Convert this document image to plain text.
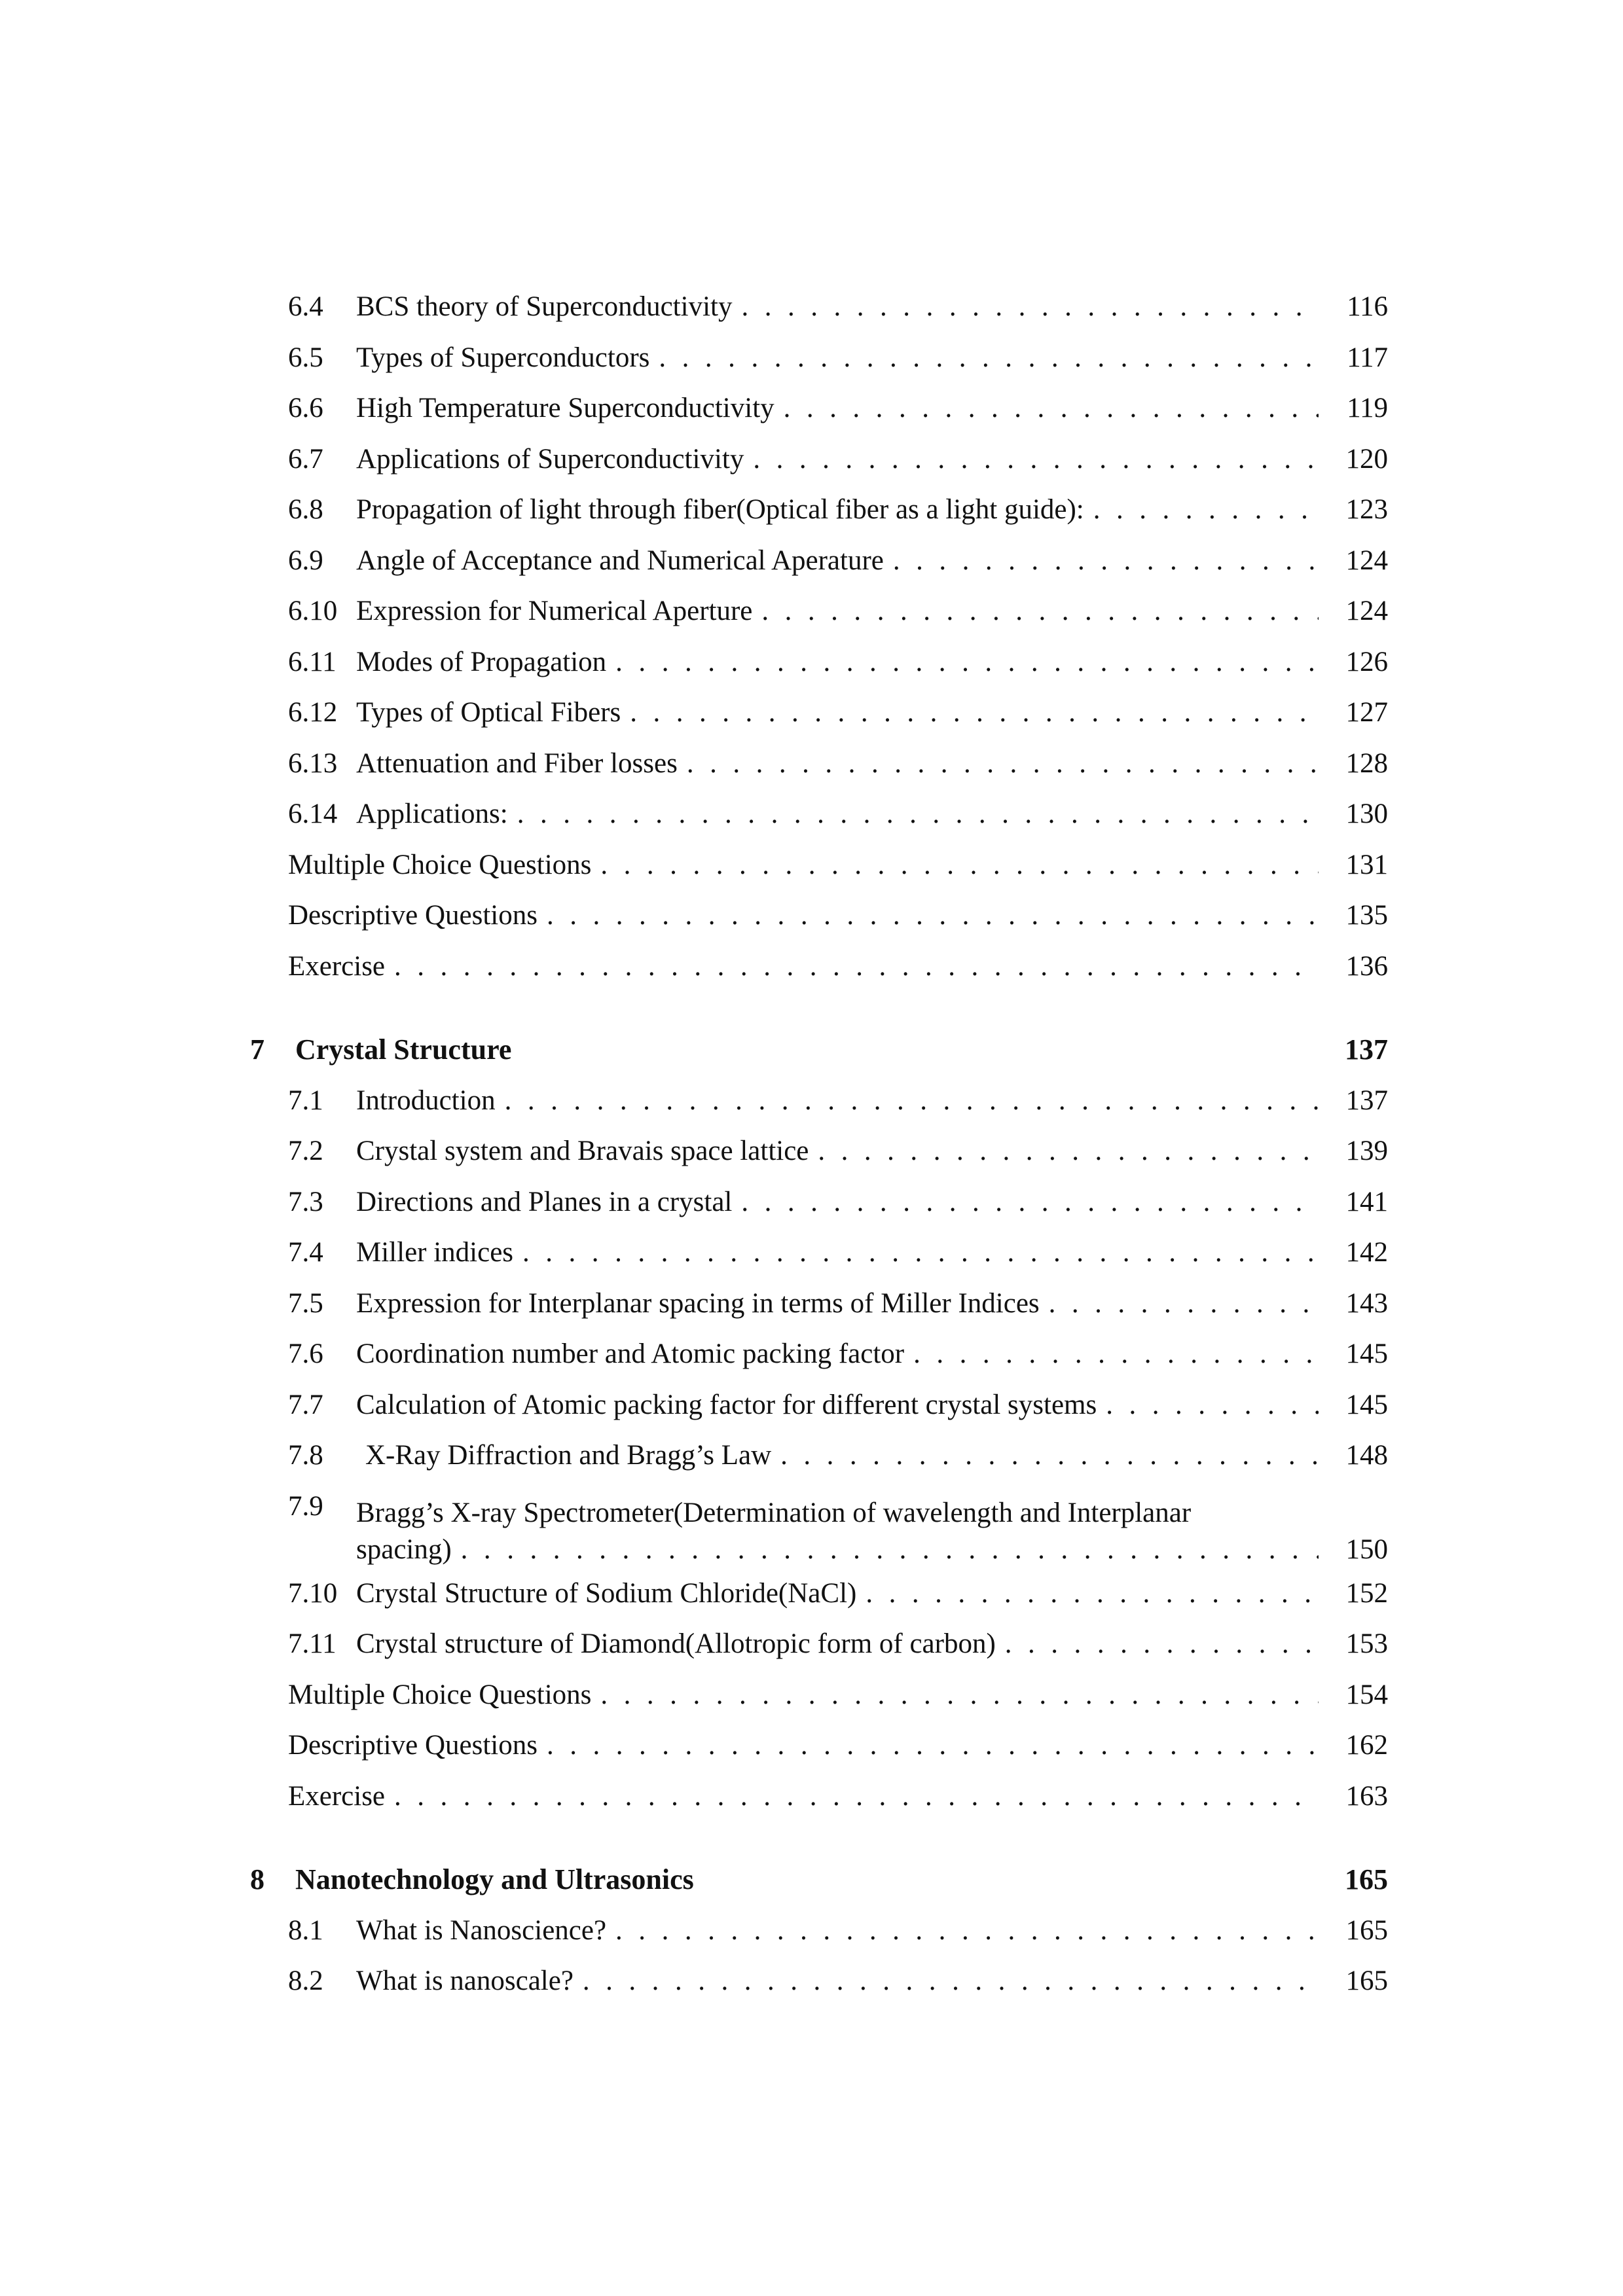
6.4	BCS theory of Superconductivity . . .	116
6.5	Types of Superconductors . . .	117
6.6	High Temperature Superconductivity . . .	119
6.7	Applications of Superconductivity . . .	120
6.8	Propagation of light through fiber(Optical fiber as a light guide): . . .	123
6.9	Angle of Acceptance and Numerical Aperature . . .	124
6.10 Expression for Numerical Aperture . . .	124
6.11 Modes of Propagation . . .	126
6.12 Types of Optical Fibers . . .	127
6.13 Attenuation and Fiber losses . . .	128
6.14 Applications: . . .	130
Multiple Choice Questions . . .	131
Descriptive Questions . . .	135
Exercise . . .	136
7	Crystal Structure	137
7.1	Introduction . . .	137
7.2	Crystal system and Bravais space lattice . . .	139
7.3	Directions and Planes in a crystal . . .	141
7.4	Miller indices . . .	142
7.5	Expression for Interplanar spacing in terms of Miller Indices . . .	143
7.6	Coordination number and Atomic packing factor . . .	145
7.7	Calculation of Atomic packing factor for different crystal systems . . .	145
7.8	X-Ray Diffraction and Bragg’s Law . . .	148
7.9	Bragg’s X-ray Spectrometer(Determination of wavelength and Interplanar
spacing) . . .	150
7.10 Crystal Structure of Sodium Chloride(NaCl) . . .	152
7.11 Crystal structure of Diamond(Allotropic form of carbon) . . .	153
Multiple Choice Questions . . .	154
Descriptive Questions . . .	162
Exercise . . .	163
8	Nanotechnology and Ultrasonics	165
8.1	What is Nanoscience? . . .	165
8.2	What is nanoscale? . . .	165
